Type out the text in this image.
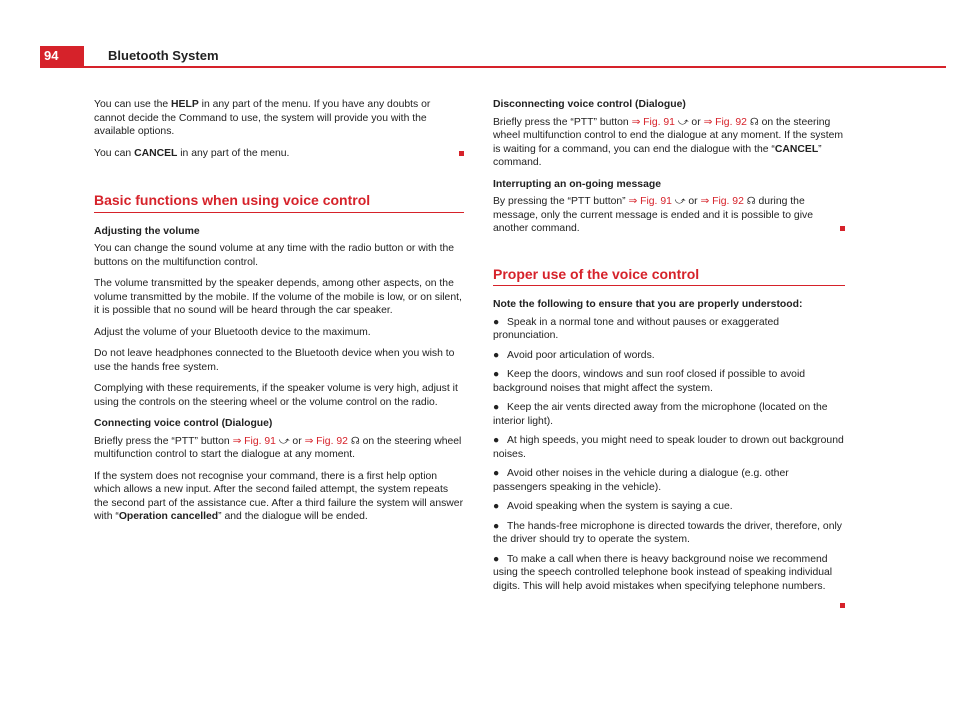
94	Bluetooth System

You can use the HELP in any part of the menu. If you have any doubts or cannot decide the Command to use, the system will provide you with the available options.

You can CANCEL in any part of the menu.

Basic functions when using voice control

Adjusting the volume

You can change the sound volume at any time with the radio button or with the buttons on the multifunction control.

The volume transmitted by the speaker depends, among other aspects, on the volume transmitted by the mobile. If the volume of the mobile is low, or on silent, it is possible that no sound will be heard through the car speaker.

Adjust the volume of your Bluetooth device to the maximum.

Do not leave headphones connected to the Bluetooth device when you wish to use the hands free system.

Complying with these requirements, if the speaker volume is very high, adjust it using the controls on the steering wheel or the volume control on the radio.

Connecting voice control (Dialogue)

Briefly press the “PTT” button ⇒ Fig. 91 ⤻ or ⇒ Fig. 92 ☊ on the steering wheel multifunction control to start the dialogue at any moment.

If the system does not recognise your command, there is a first help option which allows a new input. After the second failed attempt, the system repeats the second part of the assistance cue. After a third failure the system will answer with “Operation cancelled” and the dialogue will be ended.

Disconnecting voice control (Dialogue)

Briefly press the “PTT” button ⇒ Fig. 91 ⤻ or ⇒ Fig. 92 ☊ on the steering wheel multifunction control to end the dialogue at any moment. If the system is waiting for a command, you can end the dialogue with the “CANCEL” command.

Interrupting an on-going message

By pressing the “PTT button” ⇒ Fig. 91 ⤻ or ⇒ Fig. 92 ☊ during the message, only the current message is ended and it is possible to give another command.

Proper use of the voice control

Note the following to ensure that you are properly understood:

● Speak in a normal tone and without pauses or exaggerated pronunciation.

● Avoid poor articulation of words.

● Keep the doors, windows and sun roof closed if possible to avoid background noises that might affect the system.

● Keep the air vents directed away from the microphone (located on the interior light).

● At high speeds, you might need to speak louder to drown out background noises.

● Avoid other noises in the vehicle during a dialogue (e.g. other passengers speaking in the vehicle).

● Avoid speaking when the system is saying a cue.

● The hands-free microphone is directed towards the driver, therefore, only the driver should try to operate the system.

● To make a call when there is heavy background noise we recommend using the speech controlled telephone book instead of speaking individual digits. This will help avoid mistakes when specifying telephone numbers.
